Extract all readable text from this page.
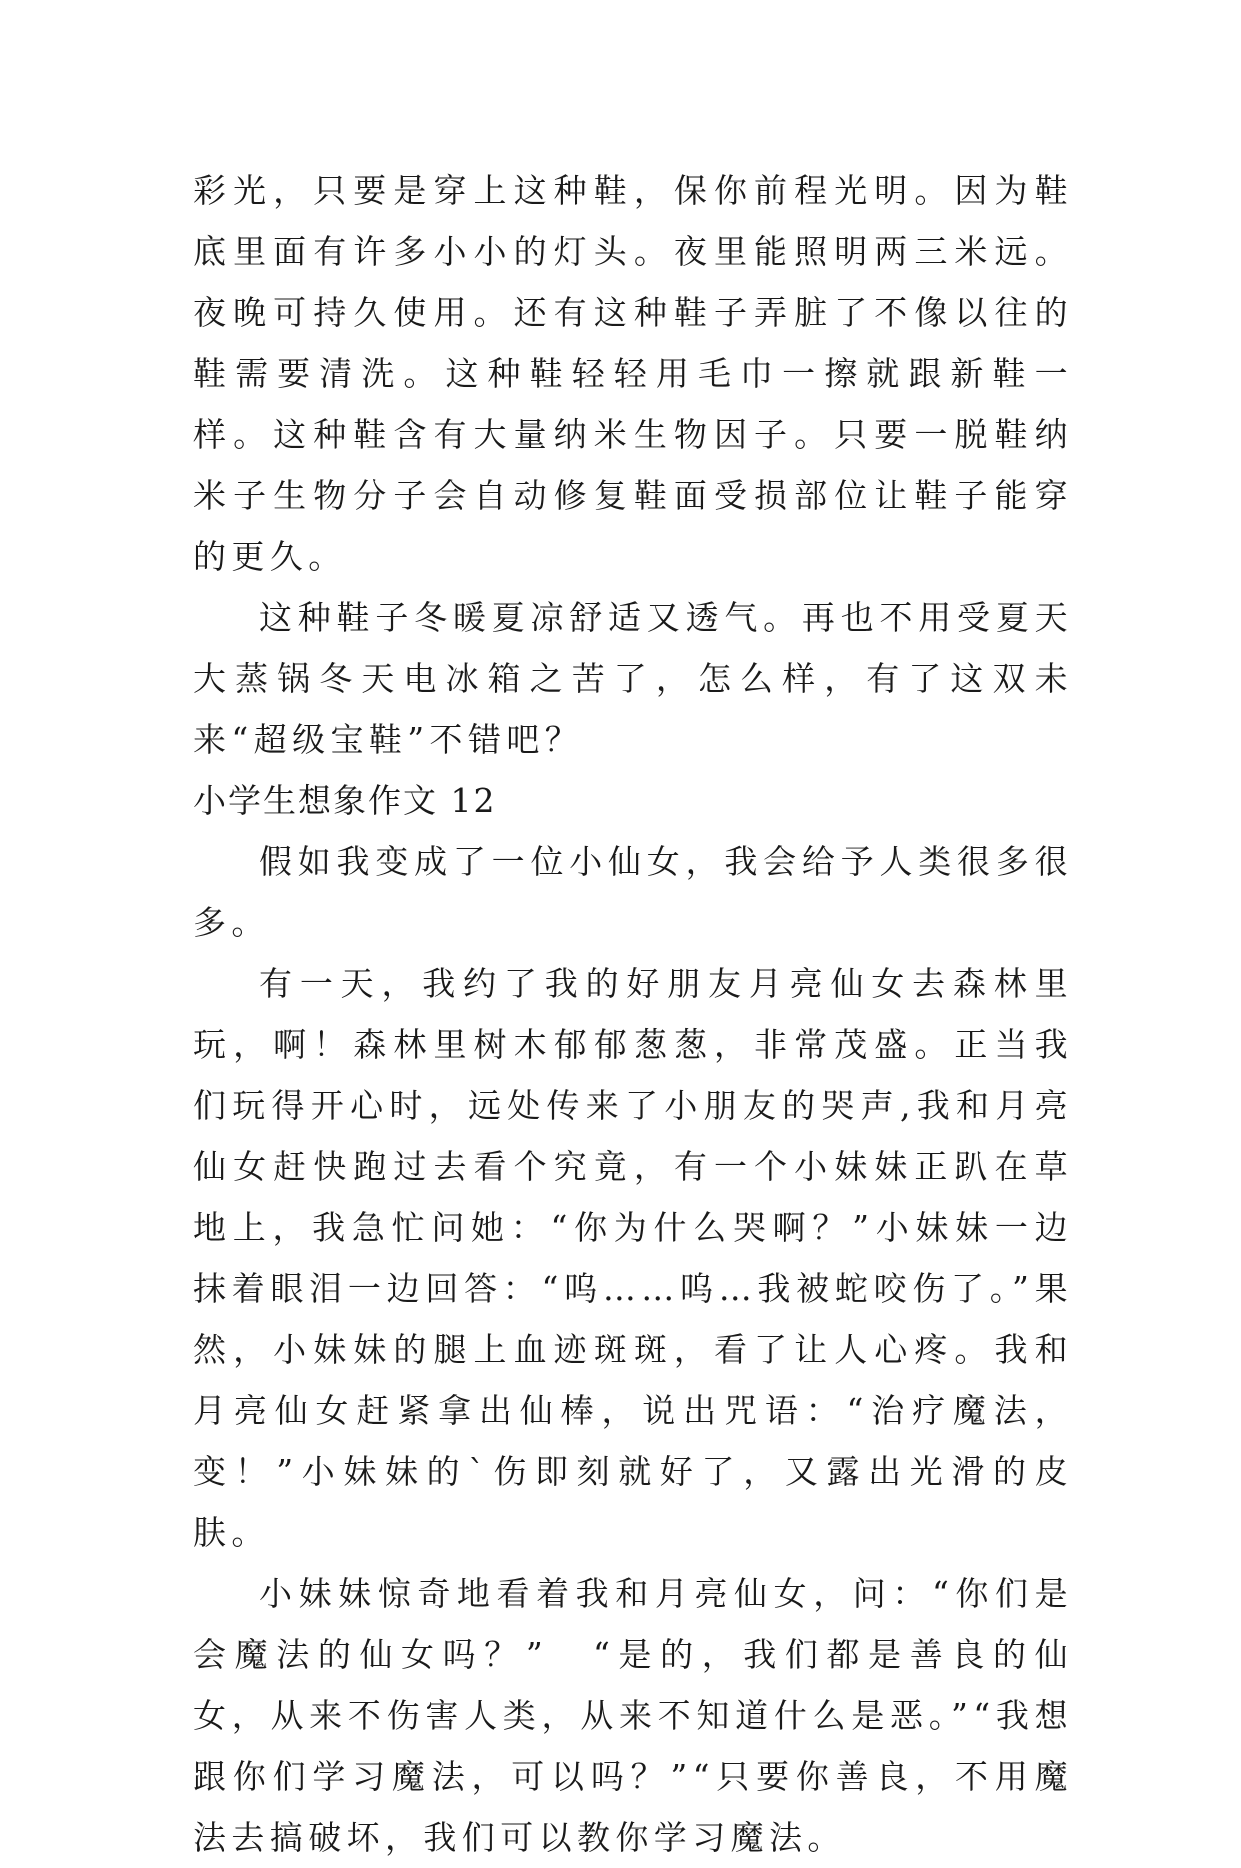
彩光，只要是穿上这种鞋，保你前程光明。因为鞋底里面有许多小小的灯头。夜里能照明两三米远。夜晚可持久使用。还有这种鞋子弄脏了不像以往的鞋需要清洗。这种鞋轻轻用毛巾一擦就跟新鞋一样。这种鞋含有大量纳米生物因子。只要一脱鞋纳米子生物分子会自动修复鞋面受损部位让鞋子能穿的更久。

这种鞋子冬暖夏凉舒适又透气。再也不用受夏天大蒸锅冬天电冰箱之苦了，怎么样，有了这双未来“超级宝鞋”不错吧？

小学生想象作文 12

假如我变成了一位小仙女，我会给予人类很多很多。

有一天，我约了我的好朋友月亮仙女去森林里玩，啊！森林里树木郁郁葱葱，非常茂盛。正当我们玩得开心时，远处传来了小朋友的哭声,我和月亮仙女赶快跑过去看个究竟，有一个小妹妹正趴在草地上，我急忙问她：“你为什么哭啊？”小妹妹一边抹着眼泪一边回答：“呜……呜…我被蛇咬伤了。”果然，小妹妹的腿上血迹斑斑，看了让人心疼。我和月亮仙女赶紧拿出仙棒，说出咒语：“治疗魔法，变！”小妹妹的`伤即刻就好了，又露出光滑的皮肤。

小妹妹惊奇地看着我和月亮仙女，问：“你们是会魔法的仙女吗？”　“是的，我们都是善良的仙女，从来不伤害人类，从来不知道什么是恶。”“我想跟你们学习魔法，可以吗？”“只要你善良，不用魔法去搞破坏，我们可以教你学习魔法。
